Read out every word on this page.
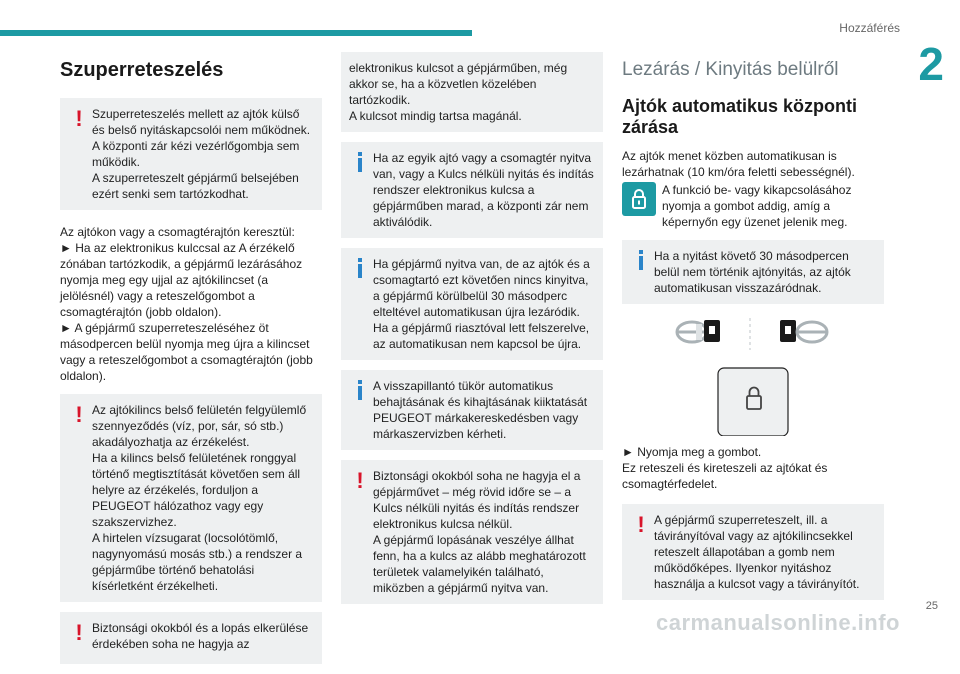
Hozzáférés
2
Szuperreteszelés
! Szuperreteszelés mellett az ajtók külső és belső nyitáskapcsolói nem működnek.
A központi zár kézi vezérlőgombja sem működik.
A szuperreteszelt gépjármű belsejében ezért senki sem tartózkodhat.

Az ajtókon vagy a csomagtérajtón keresztül:
► Ha az elektronikus kulccsal az A érzékelő zónában tartózkodik, a gépjármű lezárásához nyomja meg egy ujjal az ajtókilincset (a jelölésnél) vagy a reteszelőgombot a csomagtérajtón (jobb oldalon).
► A gépjármű szuperreteszeléséhez öt másodpercen belül nyomja meg újra a kilincset vagy a reteszelőgombot a csomagtérajtón (jobb oldalon).

! Az ajtókilincs belső felületén felgyülemlő szennyeződés (víz, por, sár, só stb.) akadályozhatja az érzékelést.
Ha a kilincs belső felületének ronggyal történő megtisztítását követően sem áll helyre az érzékelés, forduljon a PEUGEOT hálózathoz vagy egy szakszervizhez.
A hirtelen vízsugarat (locsolótömlő, nagynyomású mosás stb.) a rendszer a gépjárműbe történő behatolási kísérletként érzékelheti.

! Biztonsági okokból és a lopás elkerülése érdekében soha ne hagyja az

elektronikus kulcsot a gépjárműben, még akkor se, ha a közvetlen közelében tartózkodik.
A kulcsot mindig tartsa magánál.

Ha az egyik ajtó vagy a csomagtér nyitva van, vagy a Kulcs nélküli nyitás és indítás rendszer elektronikus kulcsa a gépjárműben marad, a központi zár nem aktiválódik.

Ha gépjármű nyitva van, de az ajtók és a csomagtartó ezt követően nincs kinyitva, a gépjármű körülbelül 30 másodperc elteltével automatikusan újra lezáródik. Ha a gépjármű riasztóval lett felszerelve, az automatikusan nem kapcsol be újra.

A visszapillantó tükör automatikus behajtásának és kihajtásának kiiktatását PEUGEOT márkakereskedésben vagy márkaszervizben kérheti.

! Biztonsági okokból soha ne hagyja el a gépjárművet – még rövid időre se – a Kulcs nélküli nyitás és indítás rendszer elektronikus kulcsa nélkül.
A gépjármű lopásának veszélye állhat fenn, ha a kulcs az alább meghatározott területek valamelyikén található, miközben a gépjármű nyitva van.

Lezárás / Kinyitás belülről
Ajtók automatikus központi zárása

Az ajtók menet közben automatikusan is lezárhatnak (10 km/óra feletti sebességnél).

A funkció be- vagy kikapcsolásához nyomja a gombot addig, amíg a képernyőn egy üzenet jelenik meg.

Ha a nyitást követő 30 másodpercen belül nem történik ajtónyitás, az ajtók automatikusan visszazáródnak.

► Nyomja meg a gombot.
Ez reteszeli és kireteszeli az ajtókat és csomagtérfedelet.

! A gépjármű szuperreteszelt, ill. a távirányítóval vagy az ajtókilincsekkel reteszelt állapotában a gomb nem működőképes. Ilyenkor nyitáshoz használja a kulcsot vagy a távirányítót.

25
carmanualsonline.info
